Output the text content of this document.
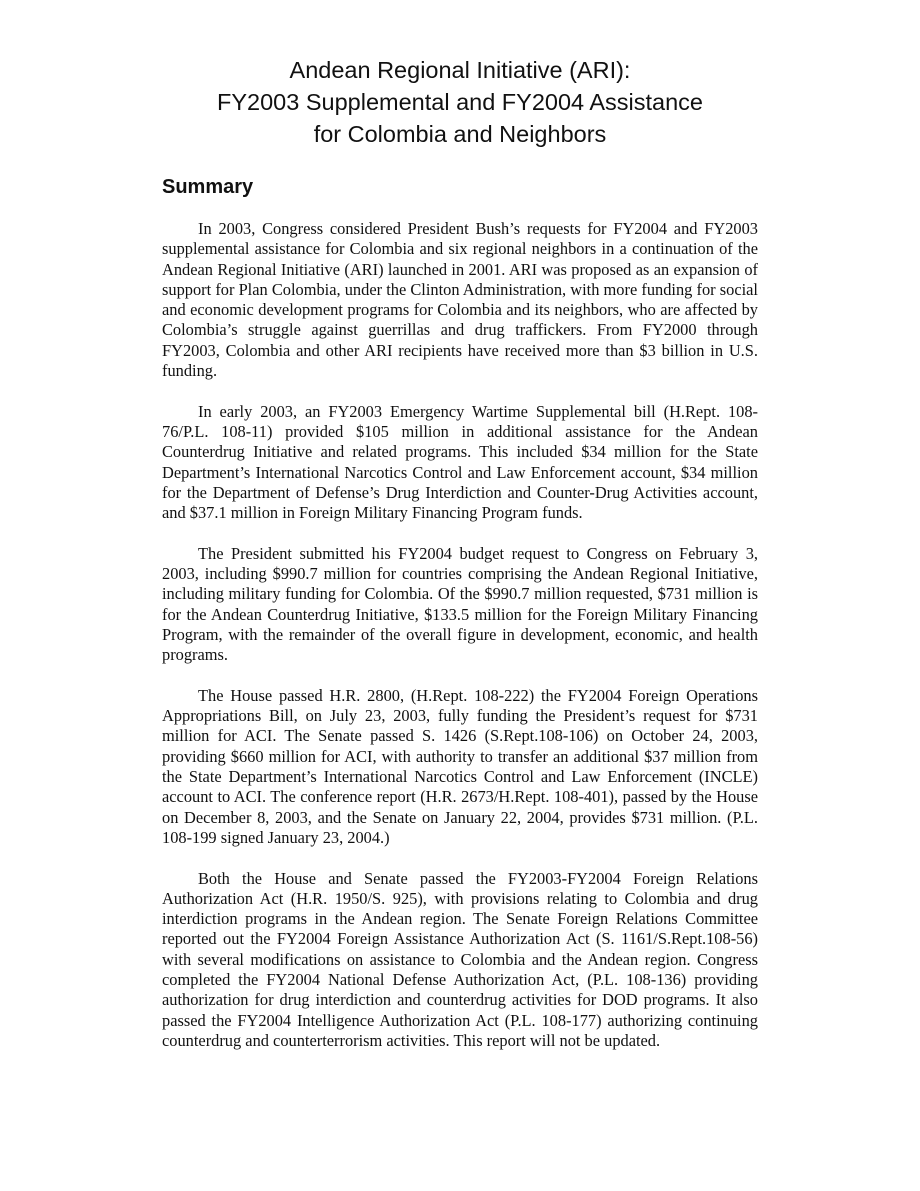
Andean Regional Initiative (ARI):
FY2003 Supplemental and FY2004 Assistance
for Colombia and Neighbors
Summary

In 2003, Congress considered President Bush’s requests for FY2004 and FY2003 supplemental assistance for Colombia and six regional neighbors in a continuation of the Andean Regional Initiative (ARI) launched in 2001. ARI was proposed as an expansion of support for Plan Colombia, under the Clinton Administration, with more funding for social and economic development programs for Colombia and its neighbors, who are affected by Colombia’s struggle against guerrillas and drug traffickers. From FY2000 through FY2003, Colombia and other ARI recipients have received more than $3 billion in U.S. funding.

In early 2003, an FY2003 Emergency Wartime Supplemental bill (H.Rept. 108-76/P.L. 108-11) provided $105 million in additional assistance for the Andean Counterdrug Initiative and related programs. This included $34 million for the State Department’s International Narcotics Control and Law Enforcement account, $34 million for the Department of Defense’s Drug Interdiction and Counter-Drug Activities account, and $37.1 million in Foreign Military Financing Program funds.

The President submitted his FY2004 budget request to Congress on February 3, 2003, including $990.7 million for countries comprising the Andean Regional Initiative, including military funding for Colombia. Of the $990.7 million requested, $731 million is for the Andean Counterdrug Initiative, $133.5 million for the Foreign Military Financing Program, with the remainder of the overall figure in development, economic, and health programs.

The House passed H.R. 2800, (H.Rept. 108-222) the FY2004 Foreign Operations Appropriations Bill, on July 23, 2003, fully funding the President’s request for $731 million for ACI. The Senate passed S. 1426 (S.Rept.108-106) on October 24, 2003, providing $660 million for ACI, with authority to transfer an additional $37 million from the State Department’s International Narcotics Control and Law Enforcement (INCLE) account to ACI. The conference report (H.R. 2673/H.Rept. 108-401), passed by the House on December 8, 2003, and the Senate on January 22, 2004, provides $731 million. (P.L. 108-199 signed January 23, 2004.)

Both the House and Senate passed the FY2003-FY2004 Foreign Relations Authorization Act (H.R. 1950/S. 925), with provisions relating to Colombia and drug interdiction programs in the Andean region. The Senate Foreign Relations Committee reported out the FY2004 Foreign Assistance Authorization Act (S. 1161/S.Rept.108-56) with several modifications on assistance to Colombia and the Andean region. Congress completed the FY2004 National Defense Authorization Act, (P.L. 108-136) providing authorization for drug interdiction and counterdrug activities for DOD programs. It also passed the FY2004 Intelligence Authorization Act (P.L. 108-177) authorizing continuing counterdrug and counterterrorism activities. This report will not be updated.
